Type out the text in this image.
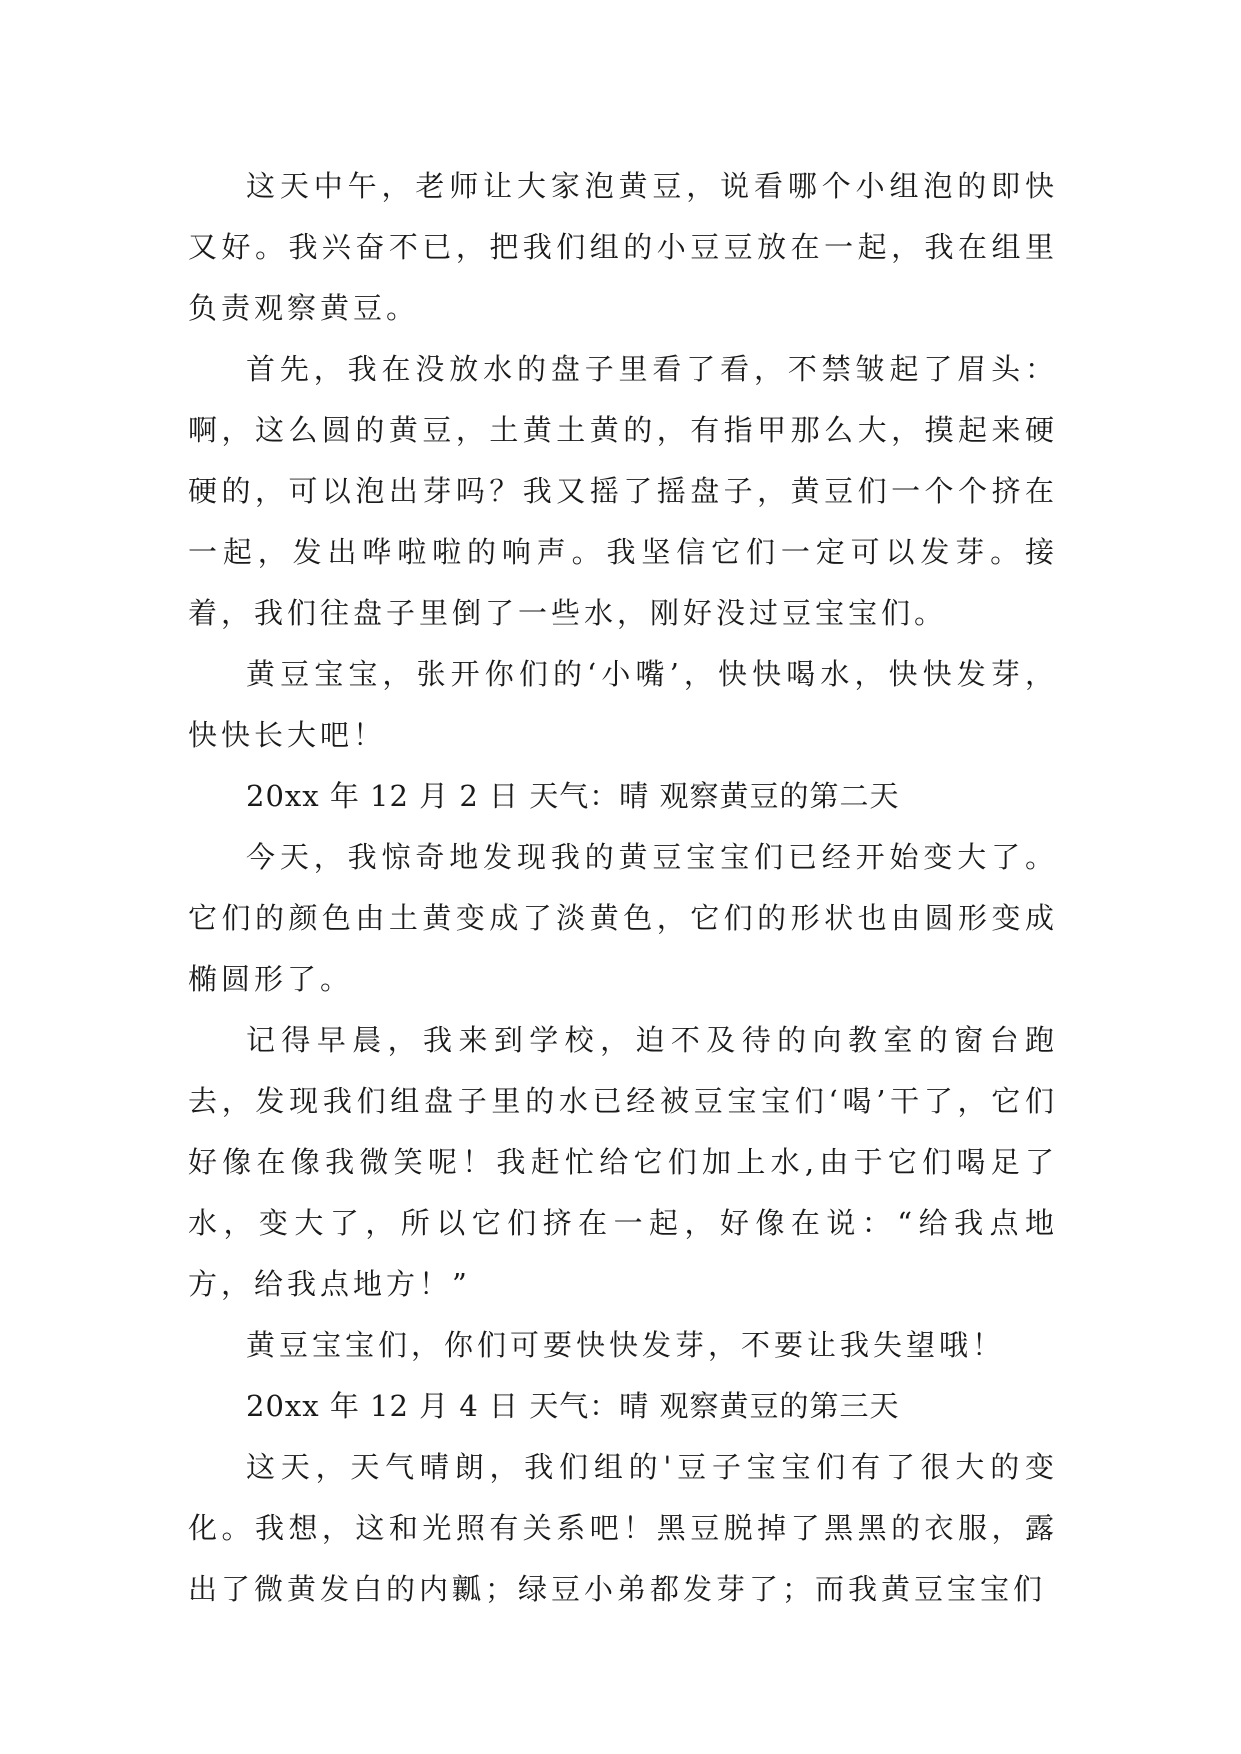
这天中午，老师让大家泡黄豆，说看哪个小组泡的即快又好。我兴奋不已，把我们组的小豆豆放在一起，我在组里负责观察黄豆。

首先，我在没放水的盘子里看了看，不禁皱起了眉头：啊，这么圆的黄豆，土黄土黄的，有指甲那么大，摸起来硬硬的，可以泡出芽吗？我又摇了摇盘子，黄豆们一个个挤在一起，发出哗啦啦的响声。我坚信它们一定可以发芽。接着，我们往盘子里倒了一些水，刚好没过豆宝宝们。

黄豆宝宝，张开你们的‘小嘴’，快快喝水，快快发芽，快快长大吧！

20xx 年 12 月 2 日 天气：晴 观察黄豆的第二天

今天，我惊奇地发现我的黄豆宝宝们已经开始变大了。它们的颜色由土黄变成了淡黄色，它们的形状也由圆形变成椭圆形了。

记得早晨，我来到学校，迫不及待的向教室的窗台跑去，发现我们组盘子里的水已经被豆宝宝们‘喝’干了，它们好像在像我微笑呢！我赶忙给它们加上水,由于它们喝足了水，变大了，所以它们挤在一起，好像在说：“给我点地方，给我点地方！”

黄豆宝宝们，你们可要快快发芽，不要让我失望哦！

20xx 年 12 月 4 日 天气：晴 观察黄豆的第三天

这天，天气晴朗，我们组的'豆子宝宝们有了很大的变化。我想，这和光照有关系吧！黑豆脱掉了黑黑的衣服，露出了微黄发白的内瓤；绿豆小弟都发芽了；而我黄豆宝宝们
